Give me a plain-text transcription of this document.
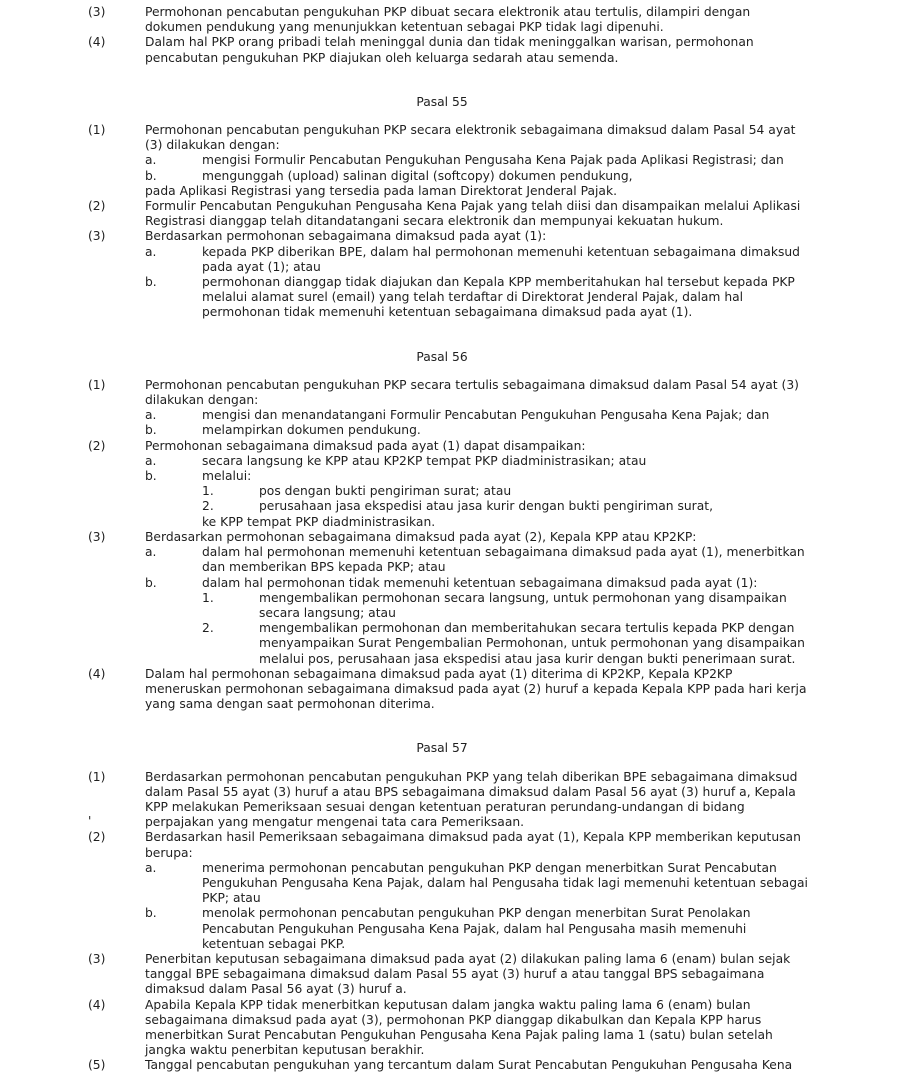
(3)	Permohonan pencabutan pengukuhan PKP dibuat secara elektronik atau tertulis, dilampiri dengan dokumen pendukung yang menunjukkan ketentuan sebagai PKP tidak lagi dipenuhi.
(4)	Dalam hal PKP orang pribadi telah meninggal dunia dan tidak meninggalkan warisan, permohonan pencabutan pengukuhan PKP diajukan oleh keluarga sedarah atau semenda.
Pasal 55
(1)	Permohonan pencabutan pengukuhan PKP secara elektronik sebagaimana dimaksud dalam Pasal 54 ayat (3) dilakukan dengan:
a.	mengisi Formulir Pencabutan Pengukuhan Pengusaha Kena Pajak pada Aplikasi Registrasi; dan
b.	mengunggah (upload) salinan digital (softcopy) dokumen pendukung,
pada Aplikasi Registrasi yang tersedia pada laman Direktorat Jenderal Pajak.
(2)	Formulir Pencabutan Pengukuhan Pengusaha Kena Pajak yang telah diisi dan disampaikan melalui Aplikasi Registrasi dianggap telah ditandatangani secara elektronik dan mempunyai kekuatan hukum.
(3)	Berdasarkan permohonan sebagaimana dimaksud pada ayat (1):
a.	kepada PKP diberikan BPE, dalam hal permohonan memenuhi ketentuan sebagaimana dimaksud pada ayat (1); atau
b.	permohonan dianggap tidak diajukan dan Kepala KPP memberitahukan hal tersebut kepada PKP melalui alamat surel (email) yang telah terdaftar di Direktorat Jenderal Pajak, dalam hal permohonan tidak memenuhi ketentuan sebagaimana dimaksud pada ayat (1).
Pasal 56
(1)	Permohonan pencabutan pengukuhan PKP secara tertulis sebagaimana dimaksud dalam Pasal 54 ayat (3) dilakukan dengan:
a.	mengisi dan menandatangani Formulir Pencabutan Pengukuhan Pengusaha Kena Pajak; dan
b.	melampirkan dokumen pendukung.
(2)	Permohonan sebagaimana dimaksud pada ayat (1) dapat disampaikan:
a.	secara langsung ke KPP atau KP2KP tempat PKP diadministrasikan; atau
b.	melalui:
1.	pos dengan bukti pengiriman surat; atau
2.	perusahaan jasa ekspedisi atau jasa kurir dengan bukti pengiriman surat,
ke KPP tempat PKP diadministrasikan.
(3)	Berdasarkan permohonan sebagaimana dimaksud pada ayat (2), Kepala KPP atau KP2KP:
a.	dalam hal permohonan memenuhi ketentuan sebagaimana dimaksud pada ayat (1), menerbitkan dan memberikan BPS kepada PKP; atau
b.	dalam hal permohonan tidak memenuhi ketentuan sebagaimana dimaksud pada ayat (1):
1.	mengembalikan permohonan secara langsung, untuk permohonan yang disampaikan secara langsung; atau
2.	mengembalikan permohonan dan memberitahukan secara tertulis kepada PKP dengan menyampaikan Surat Pengembalian Permohonan, untuk permohonan yang disampaikan melalui pos, perusahaan jasa ekspedisi atau jasa kurir dengan bukti penerimaan surat.
(4)	Dalam hal permohonan sebagaimana dimaksud pada ayat (1) diterima di KP2KP, Kepala KP2KP meneruskan permohonan sebagaimana dimaksud pada ayat (2) huruf a kepada Kepala KPP pada hari kerja yang sama dengan saat permohonan diterima.
Pasal 57
(1)
'
Berdasarkan permohonan pencabutan pengukuhan PKP yang telah diberikan BPE sebagaimana dimaksud dalam Pasal 55 ayat (3) huruf a atau BPS sebagaimana dimaksud dalam Pasal 56 ayat (3) huruf a, Kepala KPP melakukan Pemeriksaan sesuai dengan ketentuan peraturan perundang-undangan di bidang perpajakan yang mengatur mengenai tata cara Pemeriksaan.
(2)	Berdasarkan hasil Pemeriksaan sebagaimana dimaksud pada ayat (1), Kepala KPP memberikan keputusan berupa:
a.	menerima permohonan pencabutan pengukuhan PKP dengan menerbitkan Surat Pencabutan Pengukuhan Pengusaha Kena Pajak, dalam hal Pengusaha tidak lagi memenuhi ketentuan sebagai PKP; atau
b.	menolak permohonan pencabutan pengukuhan PKP dengan menerbitan Surat Penolakan Pencabutan Pengukuhan Pengusaha Kena Pajak, dalam hal Pengusaha masih memenuhi ketentuan sebagai PKP.
(3)	Penerbitan keputusan sebagaimana dimaksud pada ayat (2) dilakukan paling lama 6 (enam) bulan sejak tanggal BPE sebagaimana dimaksud dalam Pasal 55 ayat (3) huruf a atau tanggal BPS sebagaimana dimaksud dalam Pasal 56 ayat (3) huruf a.
(4)	Apabila Kepala KPP tidak menerbitkan keputusan dalam jangka waktu paling lama 6 (enam) bulan sebagaimana dimaksud pada ayat (3), permohonan PKP dianggap dikabulkan dan Kepala KPP harus menerbitkan Surat Pencabutan Pengukuhan Pengusaha Kena Pajak paling lama 1 (satu) bulan setelah jangka waktu penerbitan keputusan berakhir.
(5)	Tanggal pencabutan pengukuhan yang tercantum dalam Surat Pencabutan Pengukuhan Pengusaha Kena
